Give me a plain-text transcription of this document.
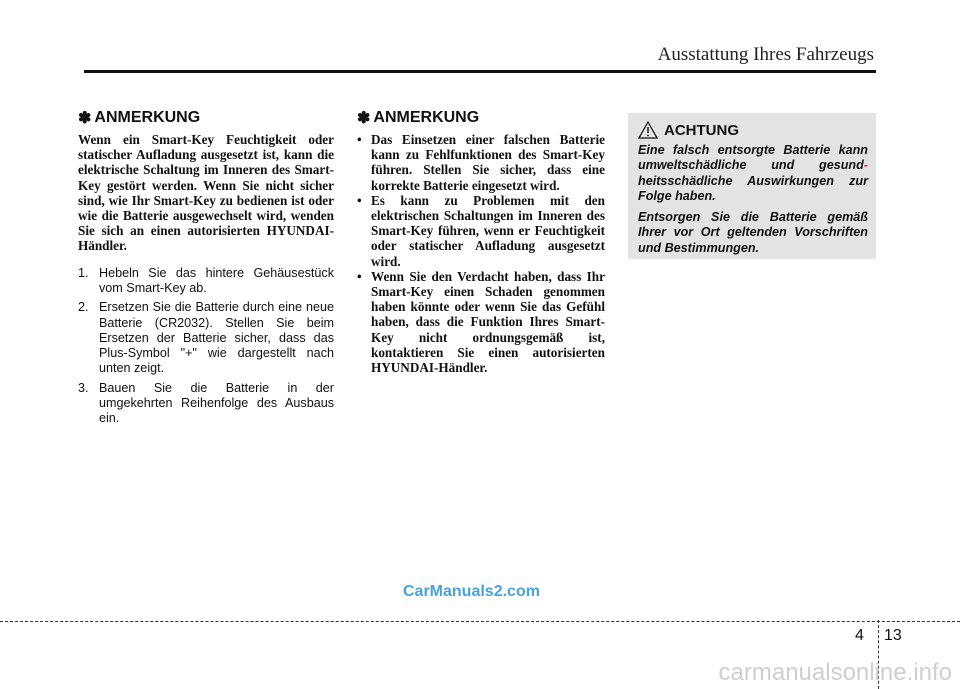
Ausstattung Ihres Fahrzeugs
✽ ANMERKUNG
Wenn ein Smart-Key Feuchtigkeit oder statischer Aufladung ausgesetzt ist, kann die elektrische Schaltung im Inneren des Smart-Key gestört werden. Wenn Sie nicht sicher sind, wie Ihr Smart-Key zu bedienen ist oder wie die Batterie ausgewechselt wird, wenden Sie sich an einen autorisierten HYUNDAI-Händler.
1. Hebeln Sie das hintere Gehäusestück vom Smart-Key ab.
2. Ersetzen Sie die Batterie durch eine neue Batterie (CR2032). Stellen Sie beim Ersetzen der Batterie sicher, dass das Plus-Symbol "+" wie dargestellt nach unten zeigt.
3. Bauen Sie die Batterie in der umgekehrten Reihenfolge des Ausbaus ein.
✽ ANMERKUNG
• Das Einsetzen einer falschen Batterie kann zu Fehlfunktionen des Smart-Key führen. Stellen Sie sicher, dass eine korrekte Batterie eingesetzt wird.
• Es kann zu Problemen mit den elektrischen Schaltungen im Inneren des Smart-Key führen, wenn er Feuchtigkeit oder statischer Aufladung ausgesetzt wird.
• Wenn Sie den Verdacht haben, dass Ihr Smart-Key einen Schaden genommen haben könnte oder wenn Sie das Gefühl haben, dass die Funktion Ihres Smart-Key nicht ordnungsgemäß ist, kontaktieren Sie einen autorisierten HYUNDAI-Händler.
ACHTUNG

Eine falsch entsorgte Batterie kann umweltschädliche und gesund-heitsschädliche Auswirkungen zur Folge haben.

Entsorgen Sie die Batterie gemäß Ihrer vor Ort geltenden Vorschriften und Bestimmungen.

CarManuals2.com
4 13
carmanualsonline.info
